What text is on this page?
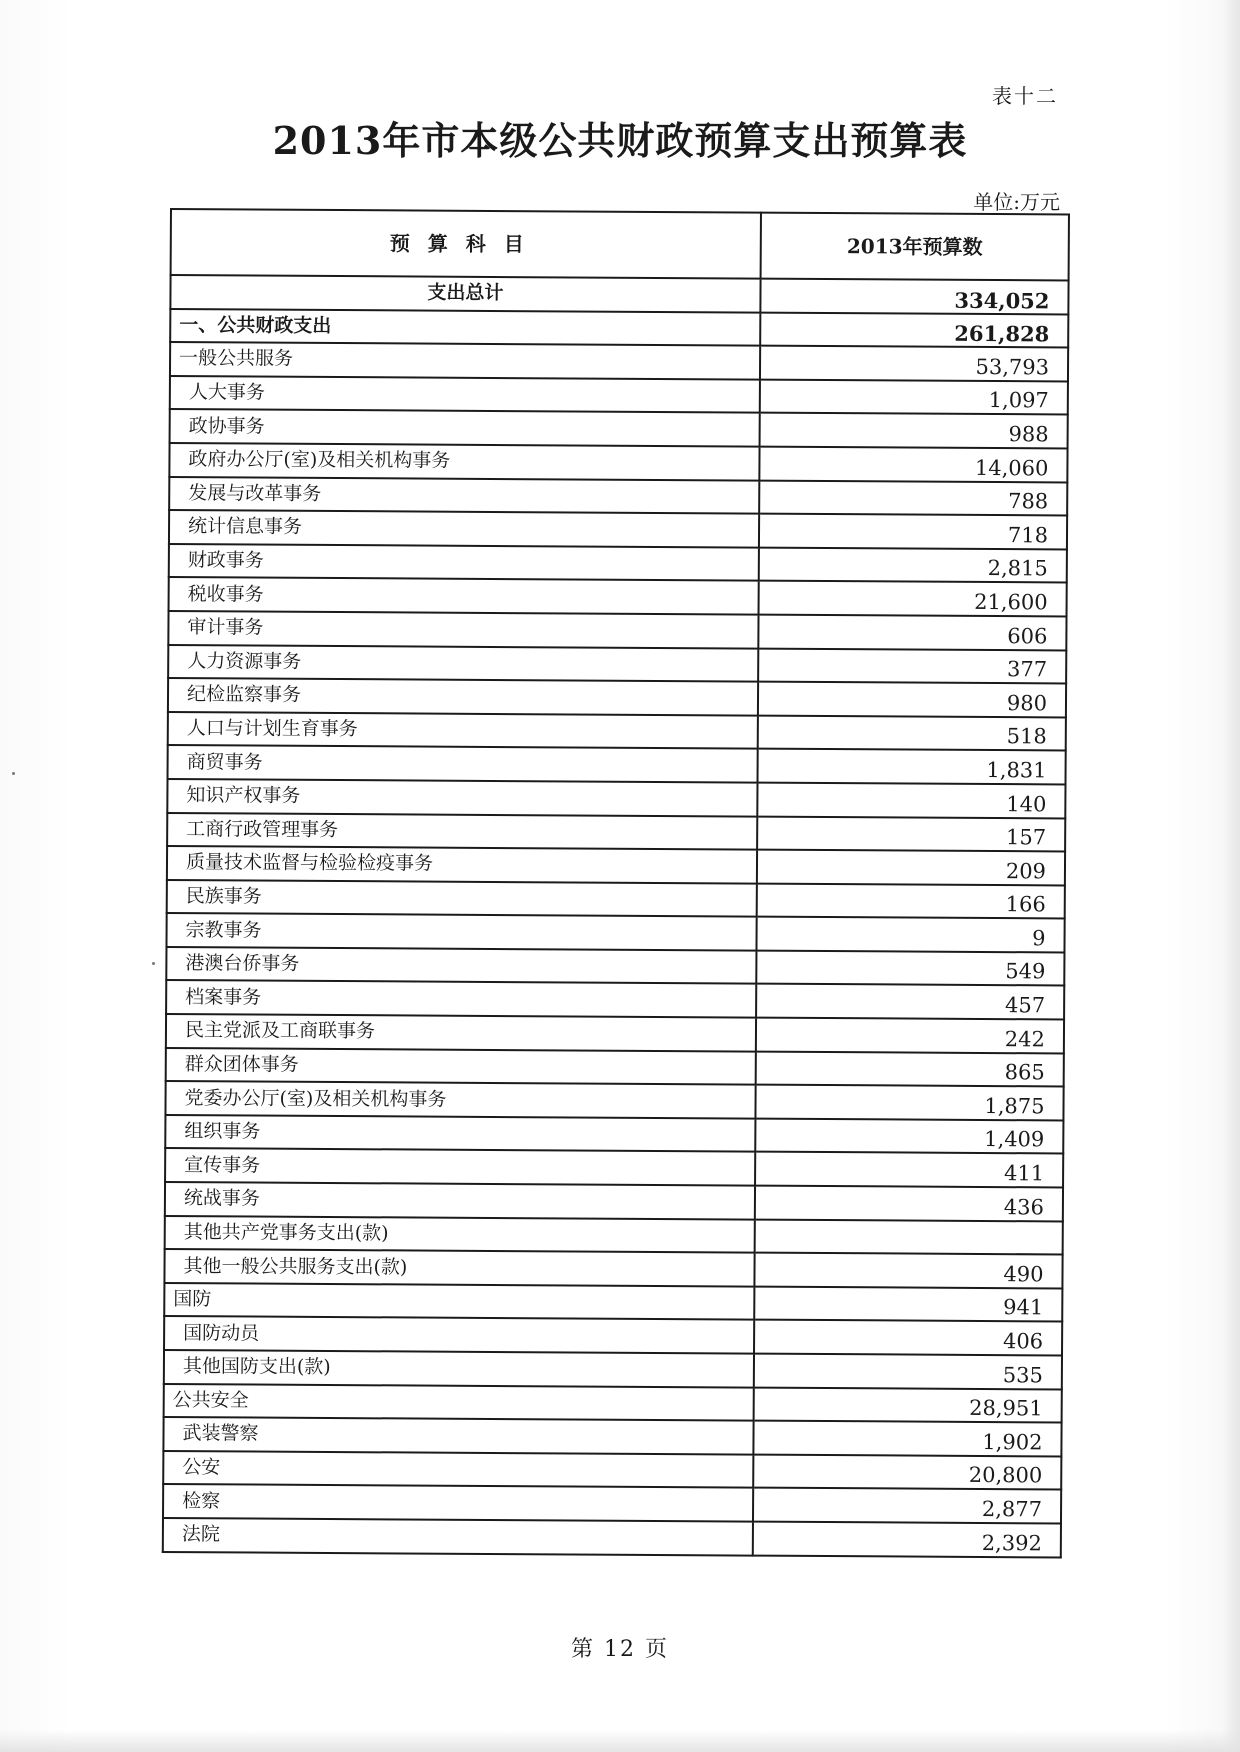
表十二
2013年市本级公共财政预算支出预算表
单位:万元
预算科目	2013年预算数
支出总计	334,052
一、公共财政支出	261,828
一般公共服务	53,793
人大事务	1,097
政协事务	988
政府办公厅(室)及相关机构事务	14,060
发展与改革事务	788
统计信息事务	718
财政事务	2,815
税收事务	21,600
审计事务	606
人力资源事务	377
纪检监察事务	980
人口与计划生育事务	518
商贸事务	1,831
知识产权事务	140
工商行政管理事务	157
质量技术监督与检验检疫事务	209
民族事务	166
宗教事务	9
港澳台侨事务	549
档案事务	457
民主党派及工商联事务	242
群众团体事务	865
党委办公厅(室)及相关机构事务	1,875
组织事务	1,409
宣传事务	411
统战事务	436
其他共产党事务支出(款)	
其他一般公共服务支出(款)	490
国防	941
国防动员	406
其他国防支出(款)	535
公共安全	28,951
武装警察	1,902
公安	20,800
检察	2,877
法院	2,392
第 12 页
